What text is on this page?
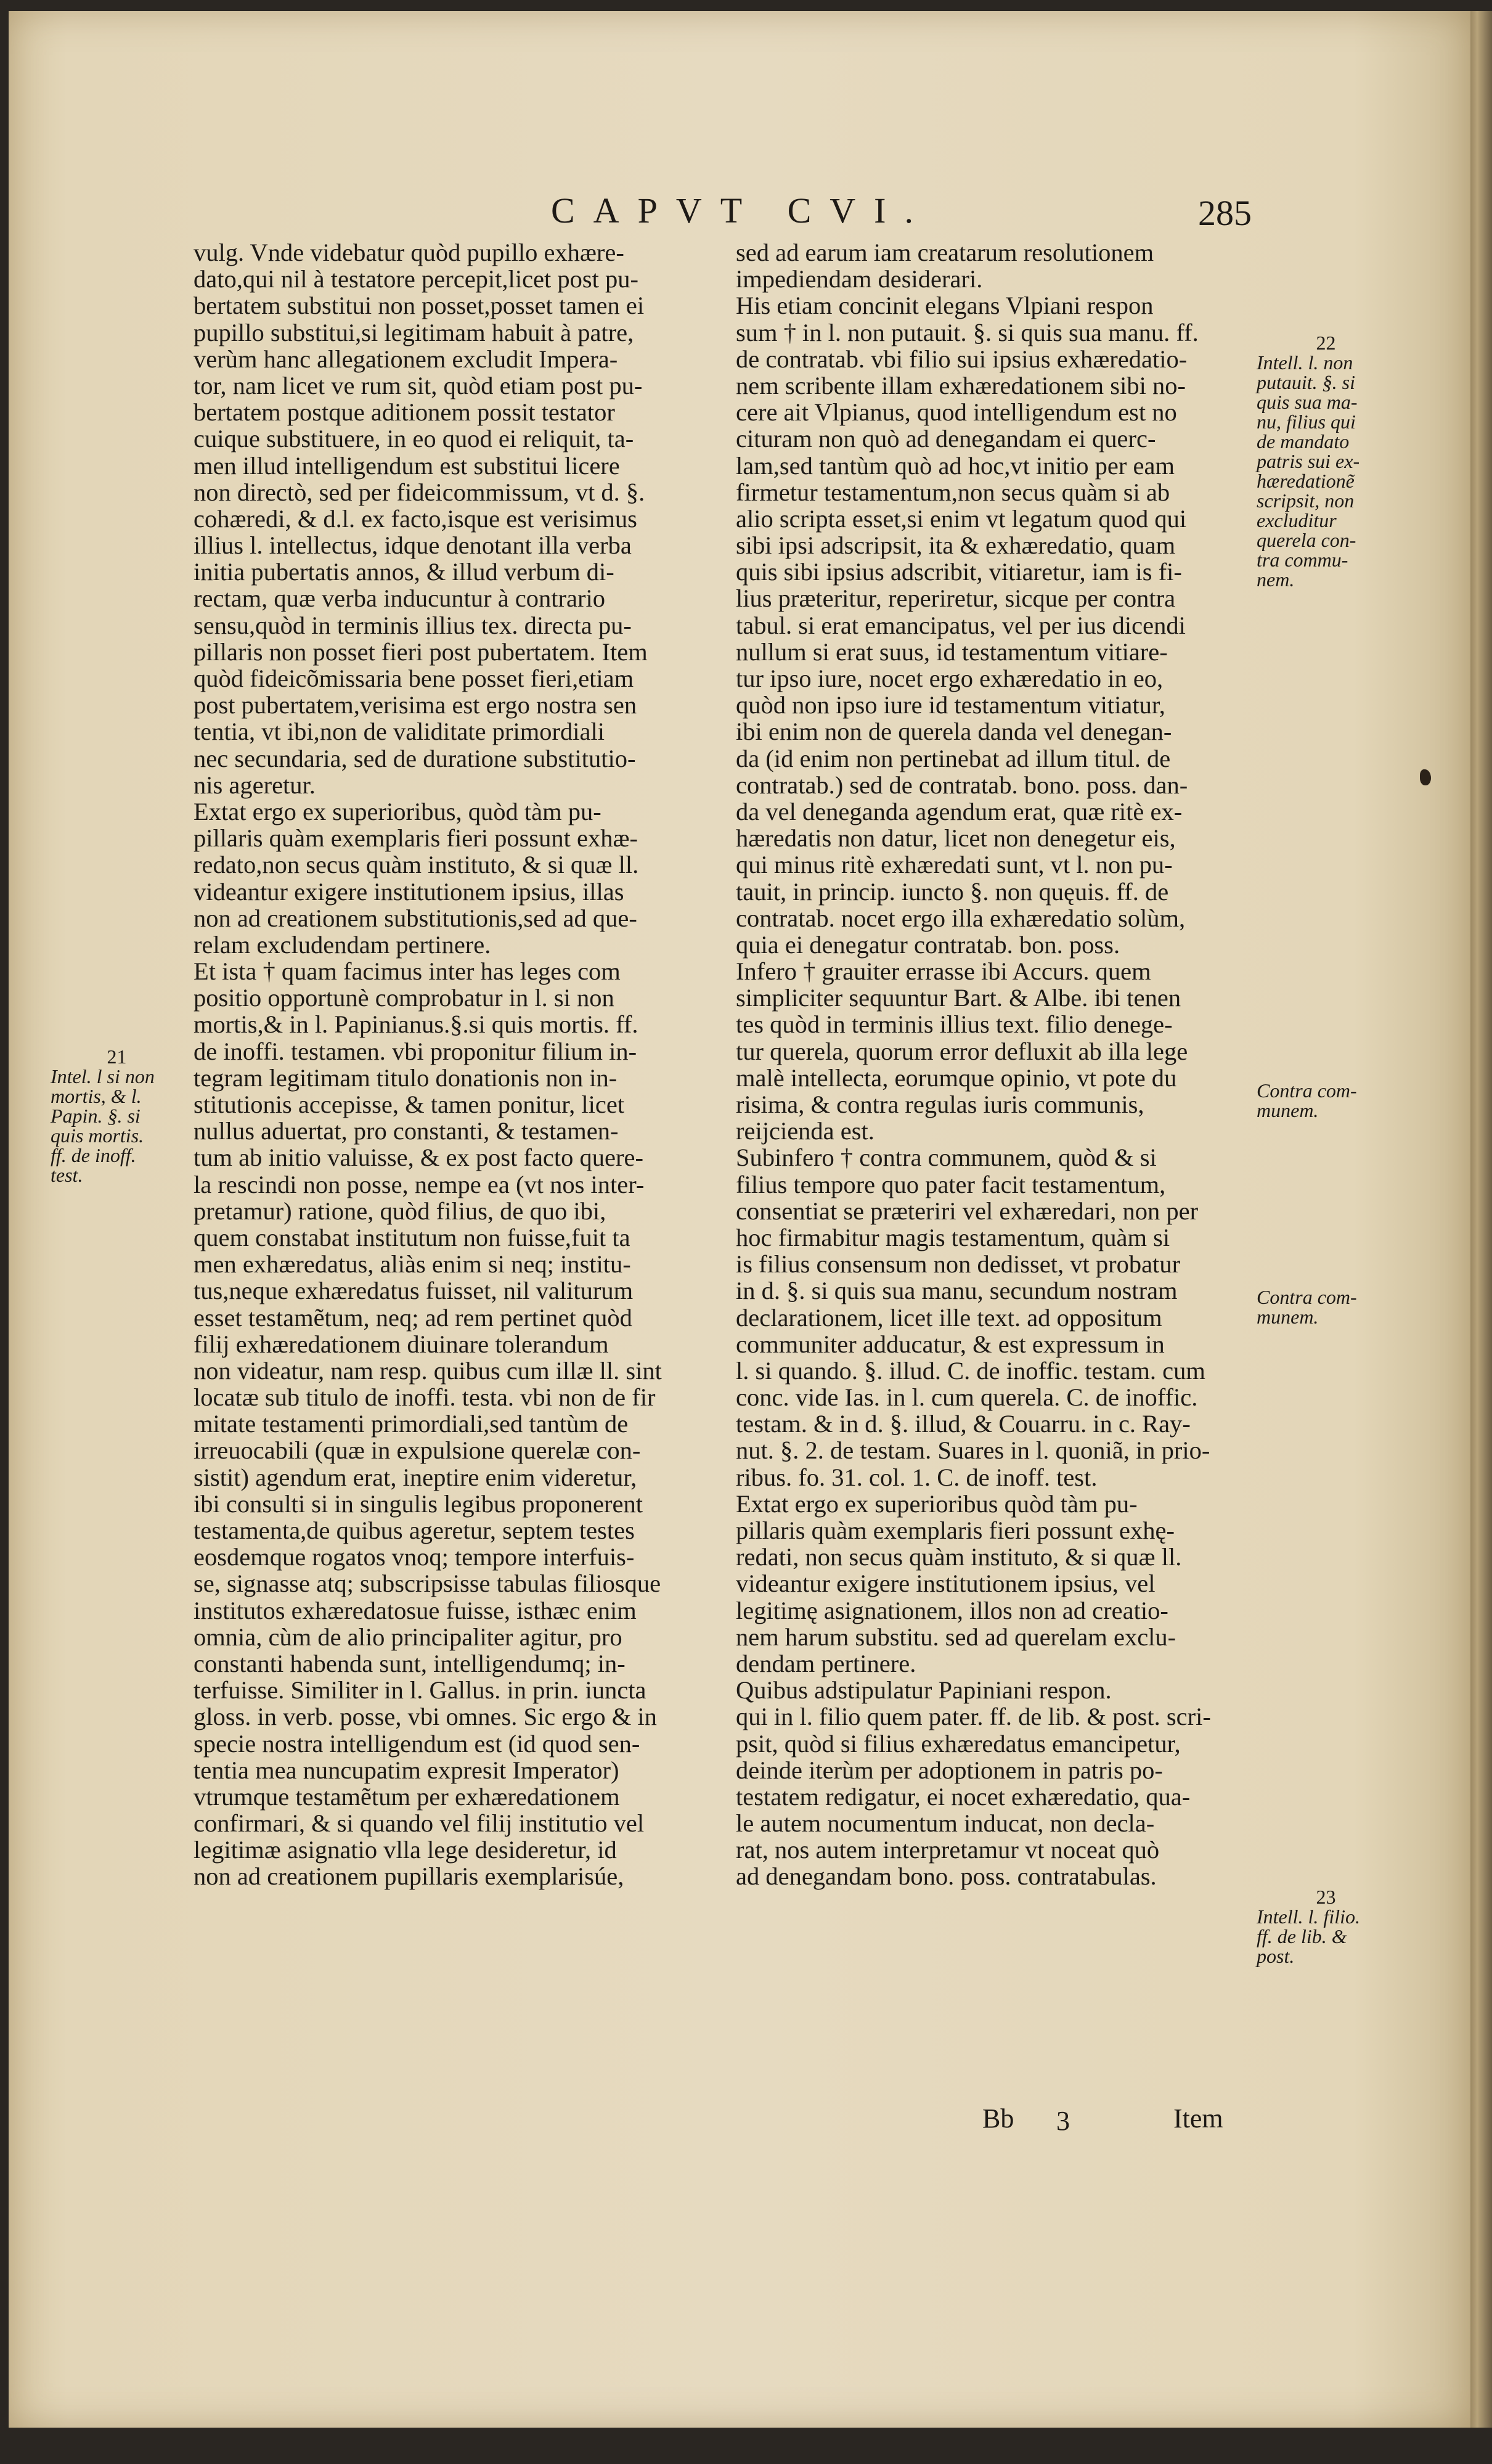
CAPVT CVI.	285
vulg. Vnde videbatur quòd pupillo exhære-
dato,qui nil à testatore percepit,licet post pu-
bertatem substitui non posset,posset tamen ei
pupillo substitui,si legitimam habuit à patre,
verùm hanc allegationem excludit Impera-
tor, nam licet ve rum sit, quòd etiam post pu-
bertatem postque aditionem possit testator
cuique substituere, in eo quod ei reliquit, ta-
men illud intelligendum est substitui licere
non directò, sed per fideicommissum, vt d. §.
cohæredi, & d.l. ex facto,isque est verisimus
illius l. intellectus, idque denotant illa verba
initia pubertatis annos, & illud verbum di-
rectam, quæ verba inducuntur à contrario
sensu,quòd in terminis illius tex. directa pu-
pillaris non posset fieri post pubertatem. Item
quòd fideicõmissaria bene posset fieri,etiam
post pubertatem,verisima est ergo nostra sen
tentia, vt ibi,non de validitate primordiali
nec secundaria, sed de duratione substitutio-
nis ageretur.
Extat ergo ex superioribus, quòd tàm pu-
pillaris quàm exemplaris fieri possunt exhæ-
redato,non secus quàm instituto, & si quæ ll.
videantur exigere institutionem ipsius, illas
non ad creationem substitutionis,sed ad que-
relam excludendam pertinere.
Et ista † quam facimus inter has leges com
positio opportunè comprobatur in l. si non
mortis,& in l. Papinianus.§.si quis mortis. ff.
de inoffi. testamen. vbi proponitur filium in-
tegram legitimam titulo donationis non in-
stitutionis accepisse, & tamen ponitur, licet
nullus aduertat, pro constanti, & testamen-
tum ab initio valuisse, & ex post facto quere-
la rescindi non posse, nempe ea (vt nos inter-
pretamur) ratione, quòd filius, de quo ibi,
quem constabat institutum non fuisse,fuit ta
men exhæredatus, aliàs enim si neq; institu-
tus,neque exhæredatus fuisset, nil valiturum
esset testamẽtum, neq; ad rem pertinet quòd
filij exhæredationem diuinare tolerandum
non videatur, nam resp. quibus cum illæ ll. sint
locatæ sub titulo de inoffi. testa. vbi non de fir
mitate testamenti primordiali,sed tantùm de
irreuocabili (quæ in expulsione querelæ con-
sistit) agendum erat, ineptire enim videretur,
ibi consulti si in singulis legibus proponerent
testamenta,de quibus ageretur, septem testes
eosdemque rogatos vnoq; tempore interfuis-
se, signasse atq; subscripsisse tabulas filiosque
institutos exhæredatosue fuisse, isthæc enim
omnia, cùm de alio principaliter agitur, pro
constanti habenda sunt, intelligendumq; in-
terfuisse. Similiter in l. Gallus. in prin. iuncta
gloss. in verb. posse, vbi omnes. Sic ergo & in
specie nostra intelligendum est (id quod sen-
tentia mea nuncupatim expresit Imperator)
vtrumque testamẽtum per exhæredationem
confirmari, & si quando vel filij institutio vel
legitimæ asignatio vlla lege desideretur, id
non ad creationem pupillaris exemplarisúe,
sed ad earum iam creatarum resolutionem
impediendam desiderari.
His etiam concinit elegans Vlpiani respon
sum † in l. non putauit. §. si quis sua manu. ff.
de contratab. vbi filio sui ipsius exhæredatio-
nem scribente illam exhæredationem sibi no-
cere ait Vlpianus, quod intelligendum est no
cituram non quò ad denegandam ei querc-
lam,sed tantùm quò ad hoc,vt initio per eam
firmetur testamentum,non secus quàm si ab
alio scripta esset,si enim vt legatum quod qui
sibi ipsi adscripsit, ita & exhæredatio, quam
quis sibi ipsius adscribit, vitiaretur, iam is fi-
lius præteritur, reperiretur, sicque per contra
tabul. si erat emancipatus, vel per ius dicendi
nullum si erat suus, id testamentum vitiare-
tur ipso iure, nocet ergo exhæredatio in eo,
quòd non ipso iure id testamentum vitiatur,
ibi enim non de querela danda vel denegan-
da (id enim non pertinebat ad illum titul. de
contratab.) sed de contratab. bono. poss. dan-
da vel deneganda agendum erat, quæ ritè ex-
hæredatis non datur, licet non denegetur eis,
qui minus ritè exhæredati sunt, vt l. non pu-
tauit, in princip. iuncto §. non quęuis. ff. de
contratab. nocet ergo illa exhæredatio solùm,
quia ei denegatur contratab. bon. poss.
Infero † grauiter errasse ibi Accurs. quem
simpliciter sequuntur Bart. & Albe. ibi tenen
tes quòd in terminis illius text. filio denege-
tur querela, quorum error defluxit ab illa lege
malè intellecta, eorumque opinio, vt pote du
risima, & contra regulas iuris communis,
reijcienda est.
Subinfero † contra communem, quòd & si
filius tempore quo pater facit testamentum,
consentiat se præteriri vel exhæredari, non per
hoc firmabitur magis testamentum, quàm si
is filius consensum non dedisset, vt probatur
in d. §. si quis sua manu, secundum nostram
declarationem, licet ille text. ad oppositum
communiter adducatur, & est expressum in
l. si quando. §. illud. C. de inoffic. testam. cum
conc. vide Ias. in l. cum querela. C. de inoffic.
testam. & in d. §. illud, & Couarru. in c. Ray-
nut. §. 2. de testam. Suares in l. quoniã, in prio-
ribus. fo. 31. col. 1. C. de inoff. test.
Extat ergo ex superioribus quòd tàm pu-
pillaris quàm exemplaris fieri possunt exhę-
redati, non secus quàm instituto, & si quæ ll.
videantur exigere institutionem ipsius, vel
legitimę asignationem, illos non ad creatio-
nem harum substitu. sed ad querelam exclu-
dendam pertinere.
Quibus adstipulatur Papiniani respon.
qui in l. filio quem pater. ff. de lib. & post. scri-
psit, quòd si filius exhæredatus emancipetur,
deinde iterùm per adoptionem in patris po-
testatem redigatur, ei nocet exhæredatio, qua-
le autem nocumentum inducat, non decla-
rat, nos autem interpretamur vt noceat quò
ad denegandam bono. poss. contratabulas.
21
Intel. l si non
mortis, & l.
Papin. §. si
quis mortis.
ff. de inoff.
test.
22
Intell. l. non
putauit. §. si
quis sua ma-
nu, filius qui
de mandato
patris sui ex-
hæredationẽ
scripsit, non
excluditur
querela con-
tra commu-
nem.
Contra com-
munem.
Contra com-
munem.
23
Intell. l. filio.
ff. de lib. &
post.
Bb 3	Item
